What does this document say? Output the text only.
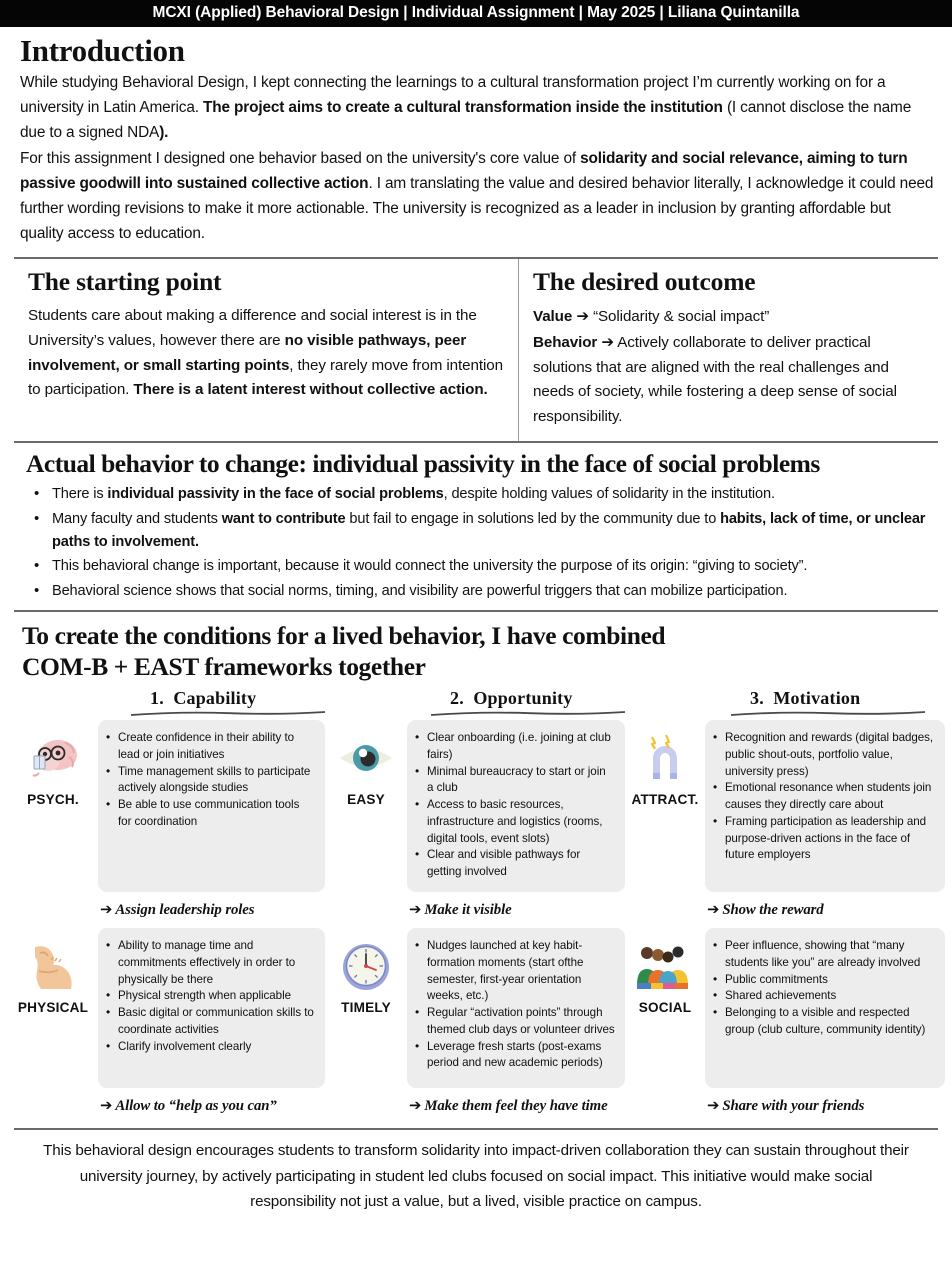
MCXI (Applied) Behavioral Design | Individual Assignment | May 2025 | Liliana Quintanilla
Introduction

While studying Behavioral Design, I kept connecting the learnings to a cultural transformation project I’m currently working on for a university in Latin America. The project aims to create a cultural transformation inside the institution (I cannot disclose the name due to a signed NDA).

For this assignment I designed one behavior based on the university's core value of solidarity and social relevance, aiming to turn passive goodwill into sustained collective action. I am translating the value and desired behavior literally, I acknowledge it could need further wording revisions to make it more actionable. The university is recognized as a leader in inclusion by granting affordable but quality access to education.

The starting point

Students care about making a difference and social interest is in the University’s values, however there are no visible pathways, peer involvement, or small starting points, they rarely move from intention to participation. There is a latent interest without collective action.

The desired outcome

Value ➔ “Solidarity & social impact”

Behavior ➔ Actively collaborate to deliver practical solutions that are aligned with the real challenges and needs of society, while fostering a deep sense of social responsibility.

Actual behavior to change: individual passivity in the face of social problems
• There is individual passivity in the face of social problems, despite holding values of solidarity in the institution.
• Many faculty and students want to contribute but fail to engage in solutions led by the community due to habits, lack of time, or unclear paths to involvement.
• This behavioral change is important, because it would connect the university the purpose of its origin: “giving to society”.
• Behavioral science shows that social norms, timing, and visibility are powerful triggers that can mobilize participation.
To create the conditions for a lived behavior, I have combined
COM-B + EAST frameworks together
1. Capability	2. Opportunity	3. Motivation
PSYCH.
• Create confidence in their ability to lead or join initiatives
• Time management skills to participate actively alongside studies
• Be able to use communication tools for coordination
➔ Assign leadership roles
PHYSICAL
• Ability to manage time and commitments effectively in order to physically be there
• Physical strength when applicable
• Basic digital or communication skills to coordinate activities
• Clarify involvement clearly
➔ Allow to “help as you can”
EASY
• Clear onboarding (i.e. joining at club fairs)
• Minimal bureaucracy to start or join a club
• Access to basic resources, infrastructure and logistics (rooms, digital tools, event slots)
• Clear and visible pathways for getting involved
➔ Make it visible
TIMELY
• Nudges launched at key habit-formation moments (start ofthe semester, first-year orientation weeks, etc.)
• Regular “activation points” through themed club days or volunteer drives
• Leverage fresh starts (post-exams period and new academic periods)
➔ Make them feel they have time
ATTRACT.
• Recognition and rewards (digital badges, public shout-outs, portfolio value, university press)
• Emotional resonance when students join causes they directly care about
• Framing participation as leadership and purpose-driven actions in the face of future employers
➔ Show the reward
SOCIAL
• Peer influence, showing that “many students like you” are already involved
• Public commitments
• Shared achievements
• Belonging to a visible and respected group (club culture, community identity)
➔ Share with your friends
This behavioral design encourages students to transform solidarity into impact-driven collaboration they can sustain throughout their university journey, by actively participating in student led clubs focused on social impact. This initiative would make social responsibility not just a value, but a lived, visible practice on campus.
